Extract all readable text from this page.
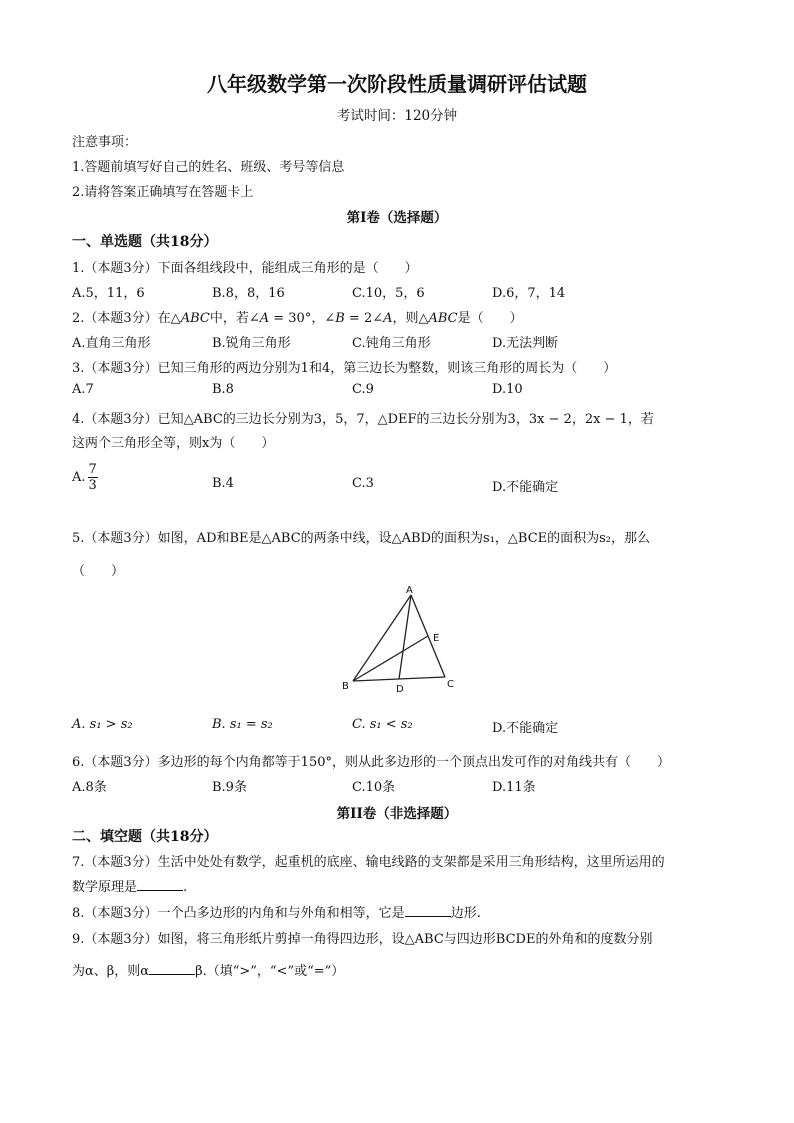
八年级数学第一次阶段性质量调研评估试题
考试时间：120分钟
注意事项：
1.答题前填写好自己的姓名、班级、考号等信息
2.请将答案正确填写在答题卡上
第I卷（选择题）
一、单选题（共18分）
1.（本题3分）下面各组线段中，能组成三角形的是（　　）
A.5，11，6	B.8，8，16	C.10，5，6	D.6，7，14
2.（本题3分）在△ABC中，若∠A = 30°，∠B = 2∠A，则△ABC是（　　）
A.直角三角形	B.锐角三角形	C.钝角三角形	D.无法判断
3.（本题3分）已知三角形的两边分别为1和4，第三边长为整数，则该三角形的周长为（　　）
A.7	B.8	C.9	D.10
4.（本题3分）已知△ABC的三边长分别为3，5，7，△DEF的三边长分别为3，3x − 2，2x − 1，若
这两个三角形全等，则x为（　　）
A. $\frac{7}{3}$	B.4	C.3	D.不能确定
5.（本题3分）如图，AD和BE是△ABC的两条中线，设△ABD的面积为s₁，△BCE的面积为s₂，那么
（　　）
A
B	C
D
E
A. s₁ > s₂	B. s₁ = s₂	C. s₁ < s₂	D.不能确定
6.（本题3分）多边形的每个内角都等于150°，则从此多边形的一个顶点出发可作的对角线共有（　　）
A.8条	B.9条	C.10条	D.11条
第II卷（非选择题）
二、填空题（共18分）
7.（本题3分）生活中处处有数学，起重机的底座、输电线路的支架都是采用三角形结构，这里所运用的
数学原理是	.
8.（本题3分）一个凸多边形的内角和与外角和相等，它是	边形.
9.（本题3分）如图，将三角形纸片剪掉一角得四边形，设△ABC与四边形BCDE的外角和的度数分别
为α、β，则α	β.（填“>”，“<”或“=”）
